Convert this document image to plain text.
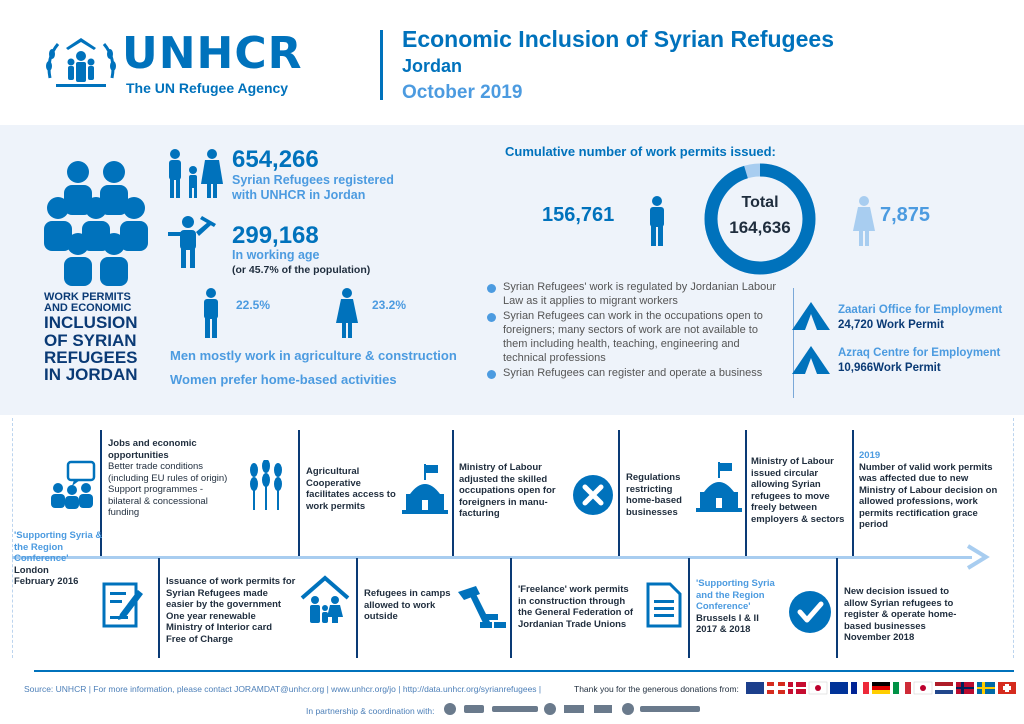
UNHCR
The UN Refugee Agency
Economic Inclusion of Syrian Refugees
Jordan
October 2019
WORK PERMITS AND ECONOMIC
INCLUSION OF SYRIAN REFUGEES IN JORDAN
654,266
Syrian Refugees registered with UNHCR in Jordan
299,168
In working age
(or 45.7% of the population)
22.5%	23.2%
Men mostly work in agriculture & construction
Women prefer home-based activities
Cumulative number of work permits issued:
156,761
Total
164,636
7,875
Syrian Refugees' work is regulated by Jordanian Labour Law as it applies to migrant workers
Syrian Refugees can work in the occupations open to foreigners; many sectors of work are not available to them including health, teaching, engineering and technical professions
Syrian Refugees can register and operate a business
Zaatari Office for Employment
24,720 Work Permit
Azraq Centre for Employment
10,966Work Permit
'Supporting Syria & the Region Conference'
London
February 2016
Jobs and economic opportunities
Better trade conditions (including EU rules of origin)
Support programmes - bilateral & concessional funding
Agricultural Cooperative facilitates access to work permits
Ministry of Labour adjusted the skilled occupations open for foreigners in manu-facturing
Regulations restricting home-based businesses
Ministry of Labour issued circular allowing Syrian refugees to move freely between employers & sectors
2019
Number of valid work permits was affected due to new Ministry of Labour decision on allowed professions, work permits rectification grace period
Issuance of work permits for Syrian Refugees made easier by the government
One year renewable
Ministry of Interior card
Free of Charge
Refugees in camps allowed to work outside
'Freelance' work permits in construction through the General Federation of Jordanian Trade Unions
'Supporting Syria and the Region Conference'
Brussels I & II
2017 & 2018
New decision issued to allow Syrian refugees to register & operate home-based businesses
November 2018
Source: UNHCR | For more information, please contact JORAMDAT@unhcr.org | www.unhcr.org/jo | http://data.unhcr.org/syrianrefugees |	Thank you for the generous donations from:
In partnership & coordination with:
